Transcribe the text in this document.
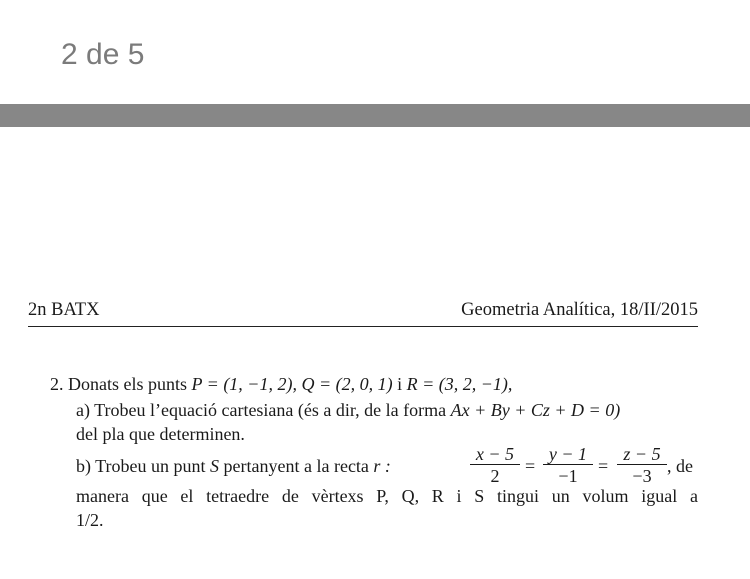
2 de 5
2n BATX	Geometria Analítica, 18/II/2015
2. Donats els punts P = (1, −1, 2), Q = (2, 0, 1) i R = (3, 2, −1),
a) Trobeu l’equació cartesiana (és a dir, de la forma Ax + By + Cz + D = 0)
del pla que determinen.
b) Trobeu un punt S pertanyent a la recta r :	$\frac{x - 5}{2} = \frac{y - 1}{-1} = \frac{z - 5}{-3}$ , de
manera que el tetraedre de vèrtexs P, Q, R i S tingui un volum igual a
1/2.
